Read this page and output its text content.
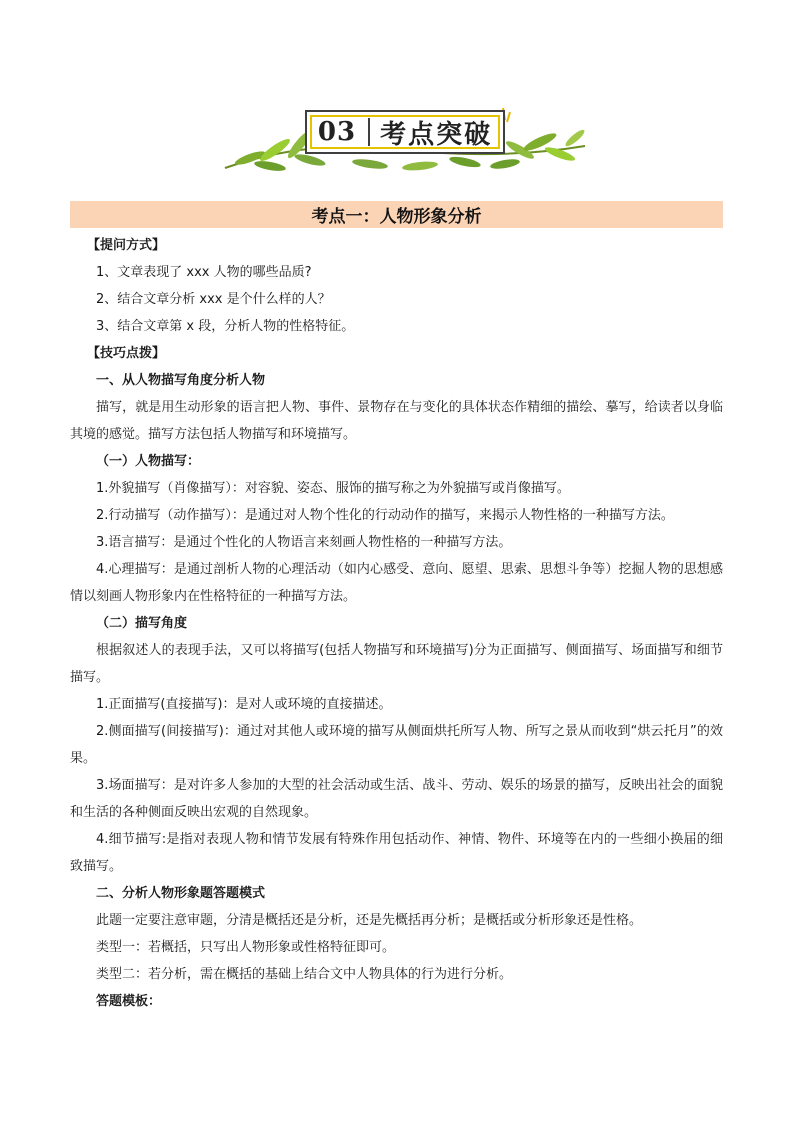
03 考点突破
考点一：人物形象分析

【提问方式】

1、文章表现了 xxx 人物的哪些品质?

2、结合文章分析 xxx 是个什么样的人？

3、结合文章第 x 段，分析人物的性格特征。

【技巧点拨】

一、从人物描写角度分析人物

描写，就是用生动形象的语言把人物、事件、景物存在与变化的具体状态作精细的描绘、摹写，给读者以身临其境的感觉。描写方法包括人物描写和环境描写。

（一）人物描写：

1.外貌描写（肖像描写）：对容貌、姿态、服饰的描写称之为外貌描写或肖像描写。

2.行动描写（动作描写）：是通过对人物个性化的行动动作的描写，来揭示人物性格的一种描写方法。

3.语言描写：是通过个性化的人物语言来刻画人物性格的一种描写方法。

4.心理描写：是通过剖析人物的心理活动（如内心感受、意向、愿望、思索、思想斗争等）挖掘人物的思想感情以刻画人物形象内在性格特征的一种描写方法。

（二）描写角度

根据叙述人的表现手法，又可以将描写(包括人物描写和环境描写)分为正面描写、侧面描写、场面描写和细节描写。

1.正面描写(直接描写)：是对人或环境的直接描述。

2.侧面描写(间接描写)：通过对其他人或环境的描写从侧面烘托所写人物、所写之景从而收到“烘云托月”的效果。

3.场面描写：是对许多人参加的大型的社会活动或生活、战斗、劳动、娱乐的场景的描写，反映出社会的面貌和生活的各种侧面反映出宏观的自然现象。

4.细节描写:是指对表现人物和情节发展有特殊作用包括动作、神情、物件、环境等在内的一些细小换届的细致描写。

二、分析人物形象题答题模式

此题一定要注意审题，分清是概括还是分析，还是先概括再分析；是概括或分析形象还是性格。

类型一：若概括，只写出人物形象或性格特征即可。

类型二：若分析，需在概括的基础上结合文中人物具体的行为进行分析。

答题模板：
